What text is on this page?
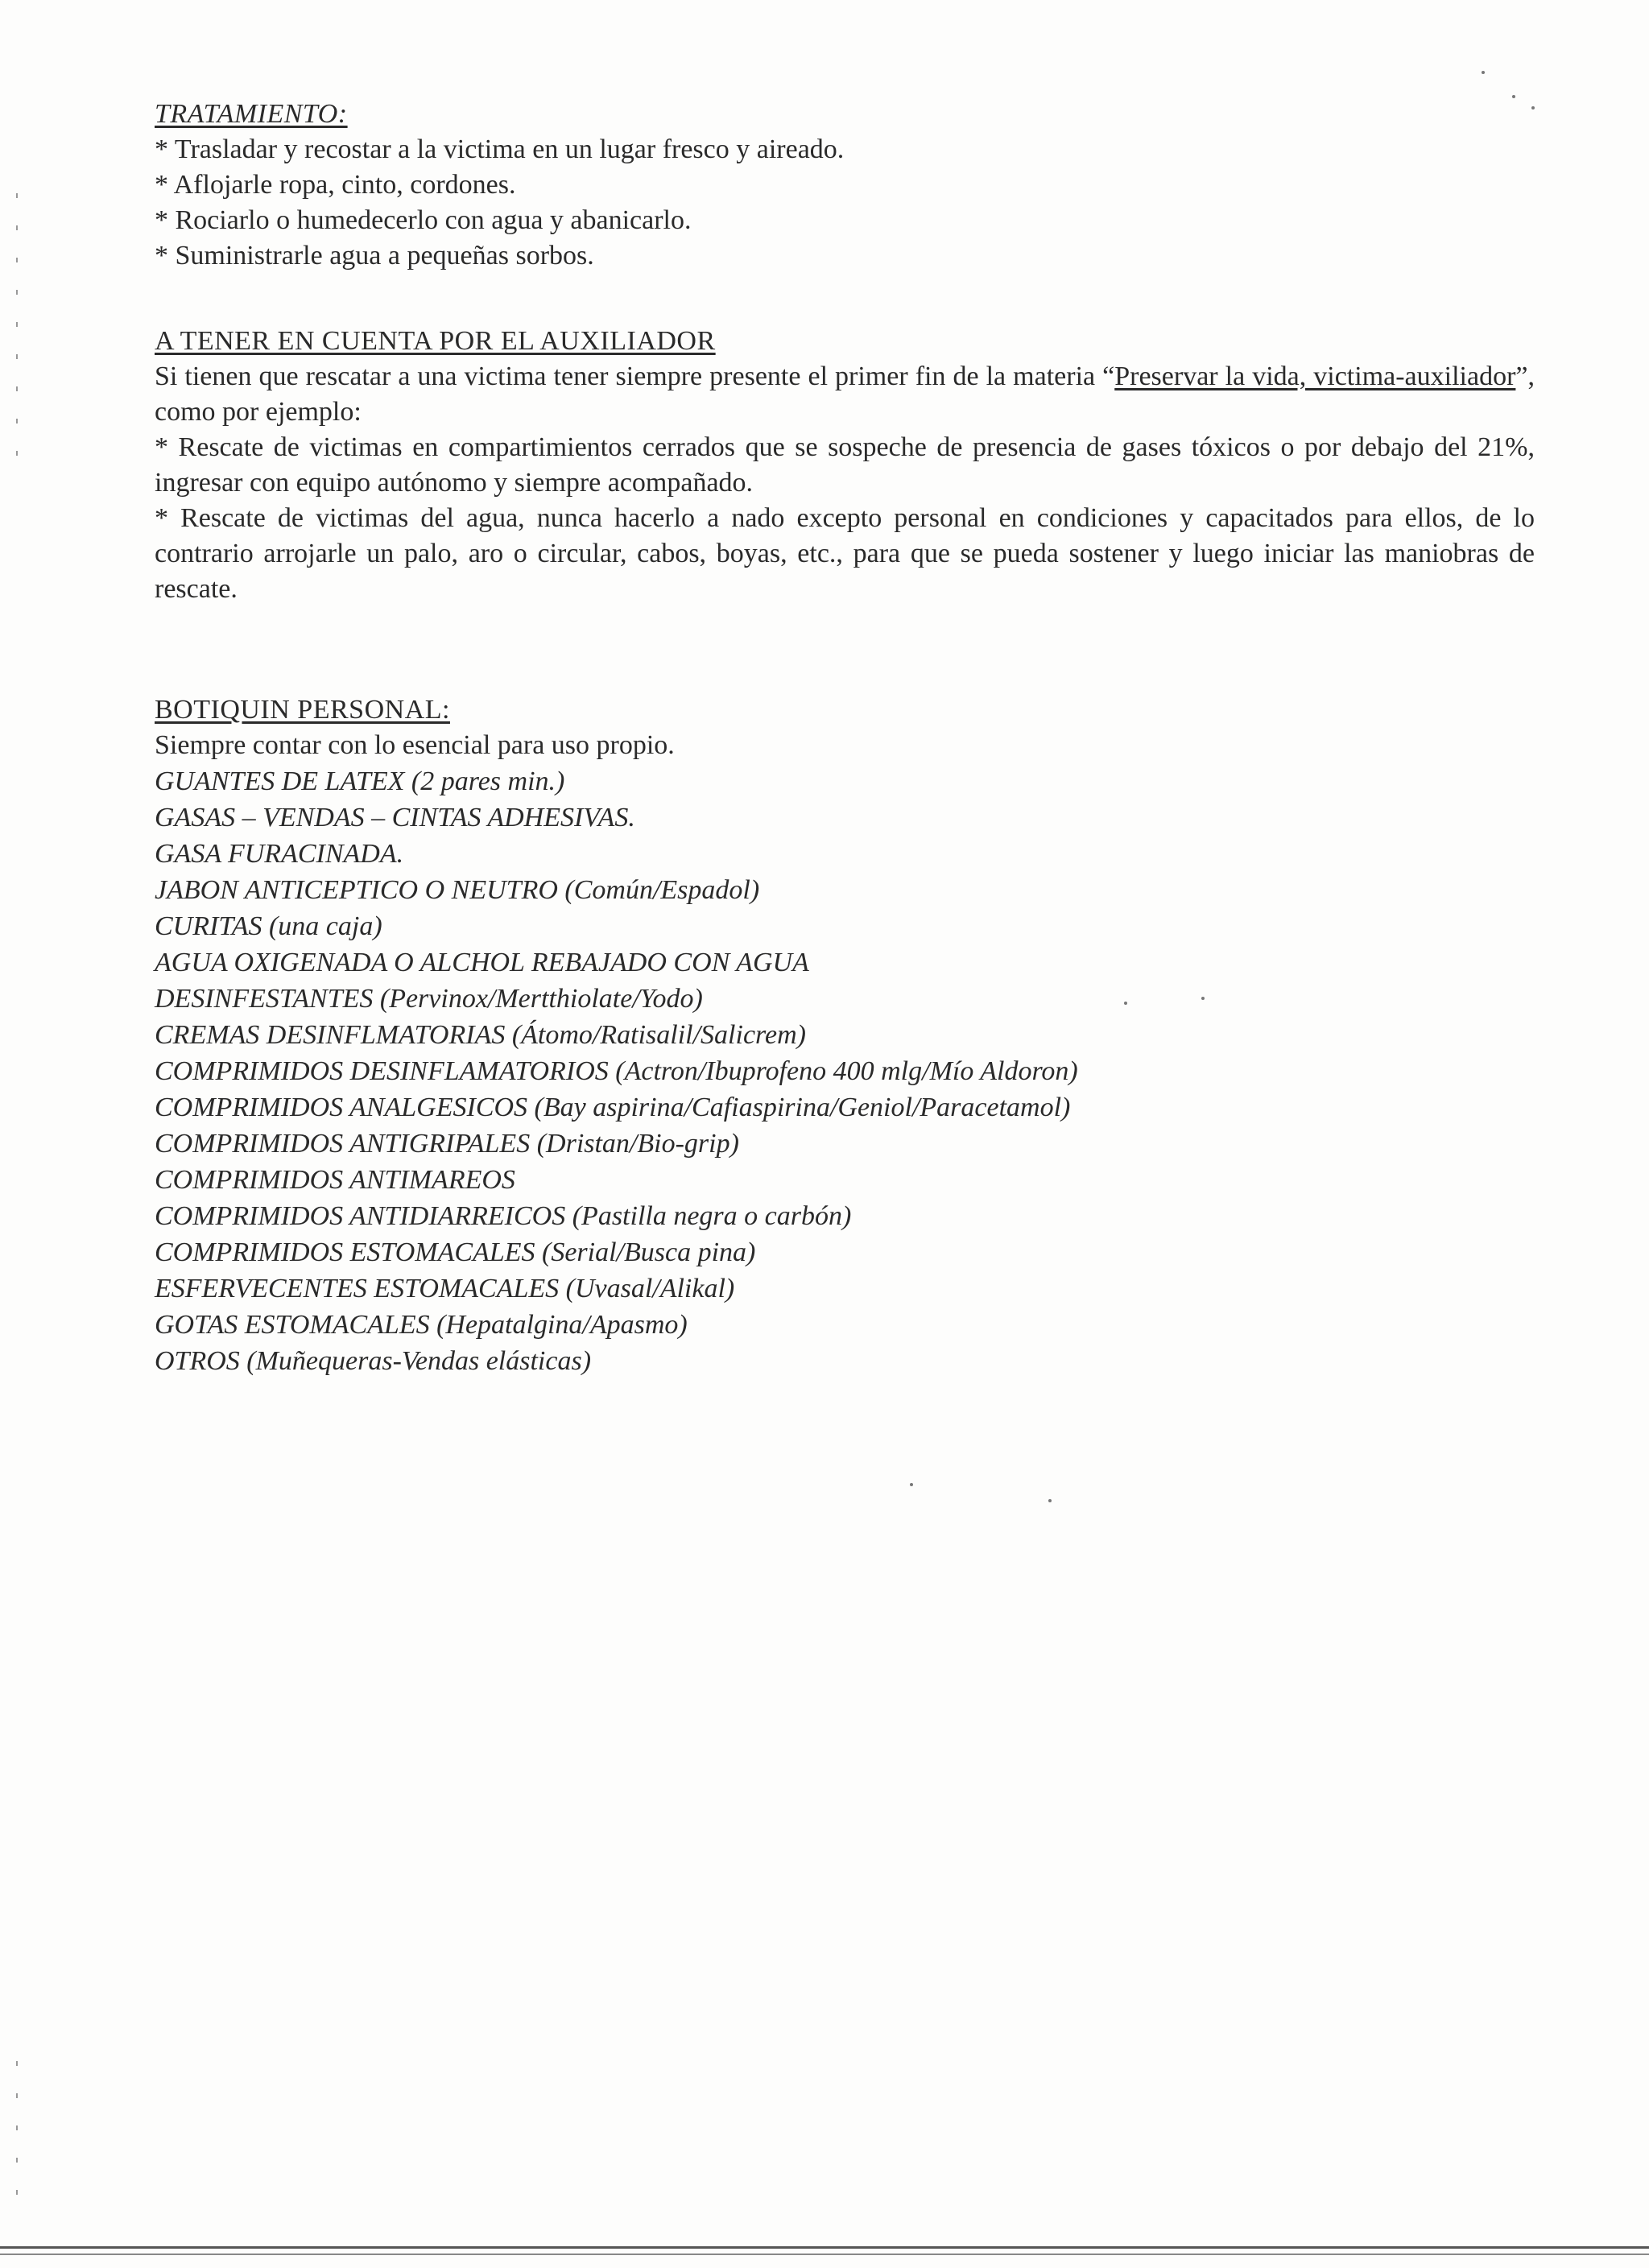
TRATAMIENTO:
* Trasladar y recostar a la victima en un lugar fresco y aireado.
* Aflojarle ropa, cinto, cordones.
* Rociarlo o humedecerlo con agua y abanicarlo.
* Suministrarle agua a pequeñas sorbos.
A TENER EN CUENTA POR EL AUXILIADOR

Si tienen que rescatar a una victima tener siempre presente el primer fin de la materia “Preservar la vida, victima-auxiliador”, como por ejemplo:

* Rescate de victimas en compartimientos cerrados que se sospeche de presencia de gases tóxicos o por debajo del 21%, ingresar con equipo autónomo y siempre acompañado.

* Rescate de victimas del agua, nunca hacerlo a nado excepto personal en condiciones y capacitados para ellos, de lo contrario arrojarle un palo, aro o circular, cabos, boyas, etc., para que se pueda sostener y luego iniciar las maniobras de rescate.

BOTIQUIN PERSONAL:
Siempre contar con lo esencial para uso propio.
GUANTES DE LATEX (2 pares min.)
GASAS – VENDAS – CINTAS ADHESIVAS.
GASA FURACINADA.
JABON ANTICEPTICO O NEUTRO (Común/Espadol)
CURITAS (una caja)
AGUA OXIGENADA O ALCHOL REBAJADO CON AGUA
DESINFESTANTES (Pervinox/Mertthiolate/Yodo)
CREMAS DESINFLMATORIAS (Átomo/Ratisalil/Salicrem)
COMPRIMIDOS DESINFLAMATORIOS (Actron/Ibuprofeno 400 mlg/Mío Aldoron)
COMPRIMIDOS ANALGESICOS (Bay aspirina/Cafiaspirina/Geniol/Paracetamol)
COMPRIMIDOS ANTIGRIPALES (Dristan/Bio-grip)
COMPRIMIDOS ANTIMAREOS
COMPRIMIDOS ANTIDIARREICOS (Pastilla negra o carbón)
COMPRIMIDOS ESTOMACALES (Serial/Busca pina)
ESFERVECENTES ESTOMACALES (Uvasal/Alikal)
GOTAS ESTOMACALES (Hepatalgina/Apasmo)
OTROS (Muñequeras-Vendas elásticas)
